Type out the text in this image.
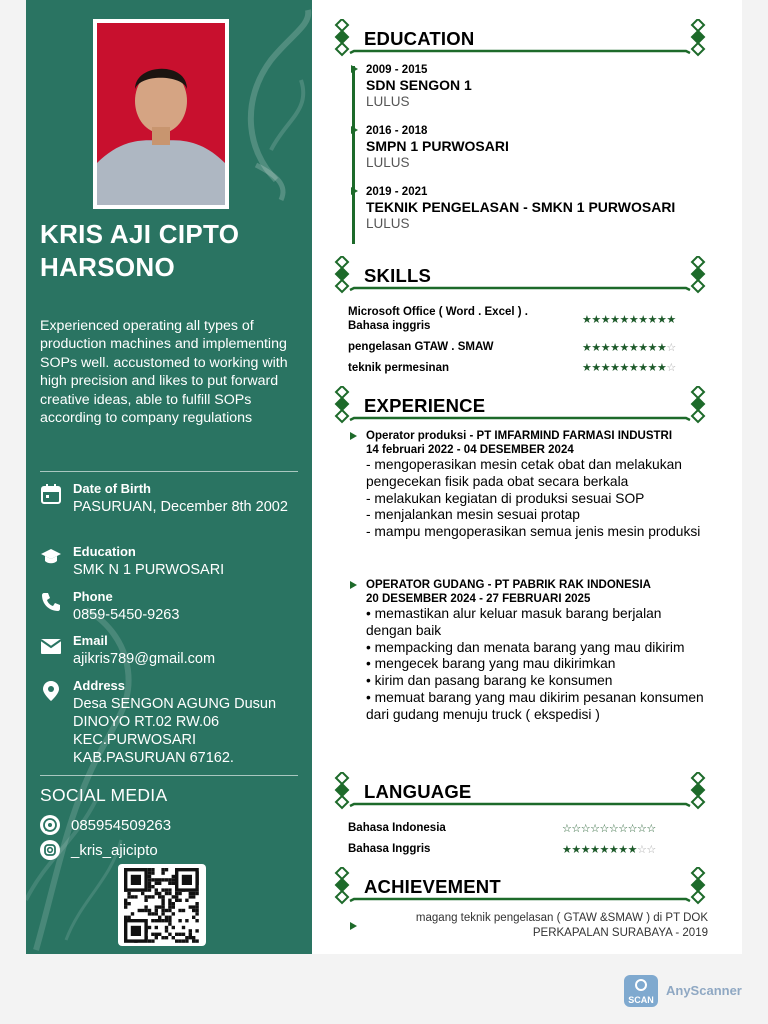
KRIS AJI CIPTO
HARSONO
Experienced operating all types of production machines and implementing SOPs well. accustomed to working with high precision and likes to put forward creative ideas, able to fulfill SOPs according to company regulations
Date of Birth
PASURUAN, December 8th 2002
Education
SMK N 1 PURWOSARI
Phone
0859-5450-9263
Email
ajikris789@gmail.com
Address
Desa SENGON AGUNG Dusun DINOYO RT.02 RW.06 KEC.PURWOSARI KAB.PASURUAN 67162.
SOCIAL MEDIA
085954509263
_kris_ajicipto
EDUCATION
2009 - 2015
SDN SENGON 1
LULUS
2016 - 2018
SMPN 1 PURWOSARI
LULUS
2019 - 2021
TEKNIK PENGELASAN - SMKN 1 PURWOSARI
LULUS
SKILLS
Microsoft Office ( Word . Excel ) . Bahasa inggris	★★★★★★★★★★
pengelasan GTAW . SMAW	★★★★★★★★★☆
teknik permesinan	★★★★★★★★★☆
EXPERIENCE
Operator produksi - PT IMFARMIND FARMASI INDUSTRI
14 februari 2022 - 04 DESEMBER 2024
- mengoperasikan mesin cetak obat dan melakukan pengecekan fisik pada obat secara berkala
- melakukan kegiatan di produksi sesuai SOP
- menjalankan mesin sesuai protap
- mampu mengoperasikan semua jenis mesin produksi
OPERATOR GUDANG - PT PABRIK RAK INDONESIA
20 DESEMBER 2024 - 27 FEBRUARI 2025
• memastikan alur keluar masuk barang berjalan dengan baik
• mempacking dan menata barang yang mau dikirim
• mengecek barang yang mau dikirimkan
• kirim dan pasang barang ke konsumen
• memuat barang yang mau dikirim pesanan konsumen dari gudang menuju truck ( ekspedisi )
LANGUAGE
Bahasa Indonesia	☆☆☆☆☆☆☆☆☆☆
Bahasa Inggris	★★★★★★★★☆☆
ACHIEVEMENT
magang teknik pengelasan ( GTAW &SMAW ) di PT DOK PERKAPALAN SURABAYA - 2019
SCAN
AnyScanner
